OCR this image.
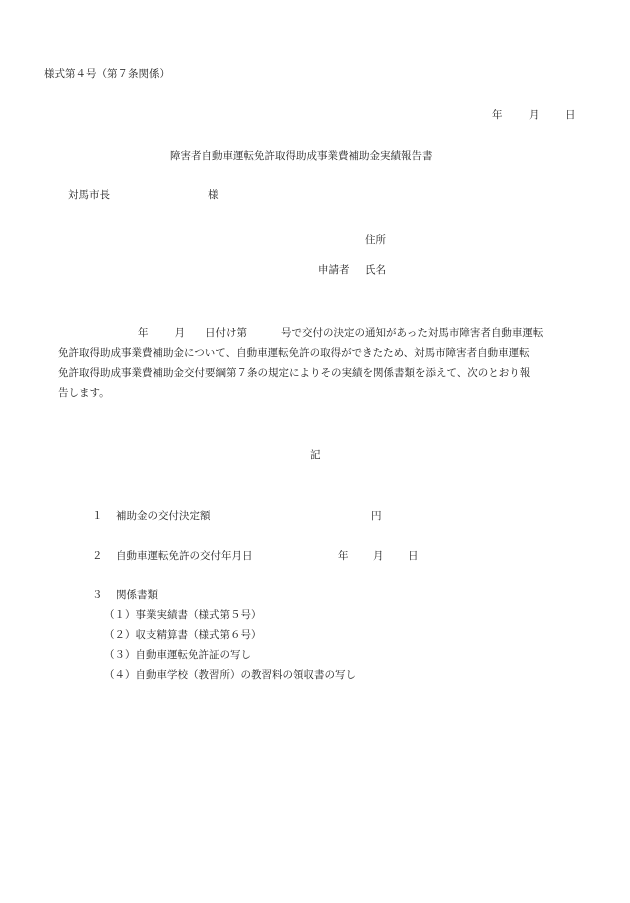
様式第４号（第７条関係）
年	月 日
障害者自動車運転免許取得助成事業費補助金実績報告書
対馬市長	様
住所
申請者 氏名

年 月 日付け第	号で交付の決定の通知があった対馬市障害者自動車運転

免許取得助成事業費補助金について、自動車運転免許の取得ができたため、対馬市障害者自動車運転

免許取得助成事業費補助金交付要綱第７条の規定によりその実績を関係書類を添えて、次のとおり報

告します。

記
１ 補助金の交付決定額	円
２ 自動車運転免許の交付年月日	年 月 日
３ 関係書類
（１）事業実績書（様式第５号）
（２）収支精算書（様式第６号）
（３）自動車運転免許証の写し
（４）自動車学校（教習所）の教習料の領収書の写し
